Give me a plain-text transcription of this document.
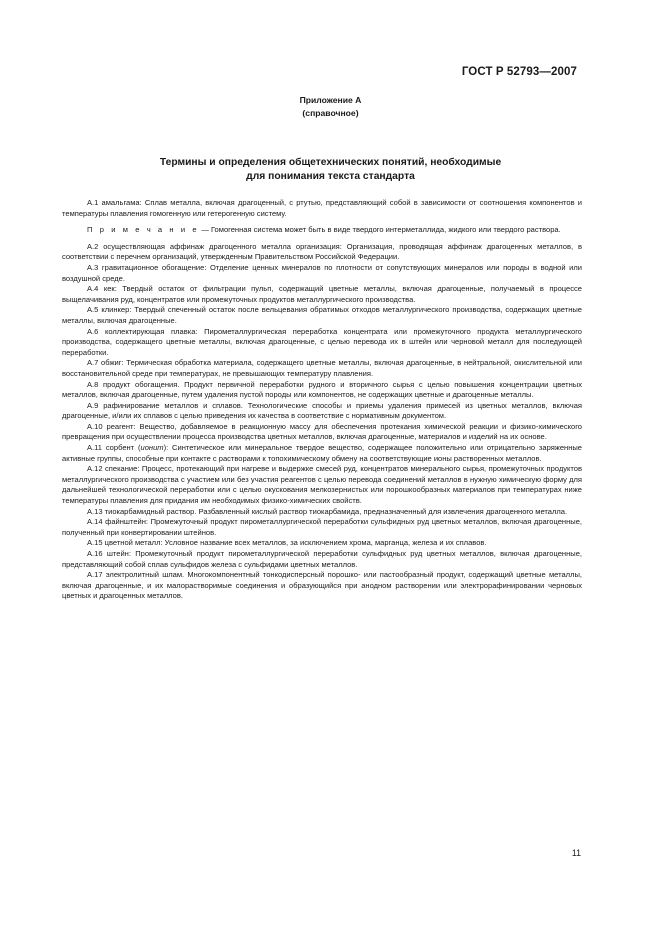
ГОСТ Р 52793—2007
Приложение А
(справочное)
Термины и определения общетехнических понятий, необходимые
для понимания текста стандарта

А.1 амальгама: Сплав металла, включая драгоценный, с ртутью, представляющий собой в зависимости от соотношения компонентов и температуры плавления гомогенную или гетерогенную систему.

П р и м е ч а н и е — Гомогенная система может быть в виде твердого интерметаллида, жидкого или твердого раствора.

А.2 осуществляющая аффинаж драгоценного металла организация: Организация, проводящая аффинаж драгоценных металлов, в соответствии с перечнем организаций, утвержденным Правительством Российской Федерации.

А.3 гравитационное обогащение: Отделение ценных минералов по плотности от сопутствующих минералов или породы в водной или воздушной среде.

А.4 кек: Твердый остаток от фильтрации пульп, содержащий цветные металлы, включая драгоценные, получаемый в процессе выщелачивания руд, концентратов или промежуточных продуктов металлургического производства.

А.5 клинкер: Твердый спеченный остаток после вельцевания обратимых отходов металлургического производства, содержащих цветные металлы, включая драгоценные.

А.6 коллектирующая плавка: Пирометаллургическая переработка концентрата или промежуточного продукта металлургического производства, содержащего цветные металлы, включая драгоценные, с целью перевода их в штейн или черновой металл для последующей переработки.

А.7 обжиг: Термическая обработка материала, содержащего цветные металлы, включая драгоценные, в нейтральной, окислительной или восстановительной среде при температурах, не превышающих температуру плавления.

А.8 продукт обогащения. Продукт первичной переработки рудного и вторичного сырья с целью повышения концентрации цветных металлов, включая драгоценные, путем удаления пустой породы или компонентов, не содержащих цветные и драгоценные металлы.

А.9 рафинирование металлов и сплавов. Технологические способы и приемы удаления примесей из цветных металлов, включая драгоценные, и/или их сплавов с целью приведения их качества в соответствие с нормативным документом.

А.10 реагент: Вещество, добавляемое в реакционную массу для обеспечения протекания химической реакции и физико-химического превращения при осуществлении процесса производства цветных металлов, включая драгоценные, материалов и изделий на их основе.

А.11 сорбент (ионит): Синтетическое или минеральное твердое вещество, содержащее положительно или отрицательно заряженные активные группы, способные при контакте с растворами к топохимическому обмену на соответствующие ионы растворенных металлов.

А.12 спекание: Процесс, протекающий при нагреве и выдержке смесей руд, концентратов минерального сырья, промежуточных продуктов металлургического производства с участием или без участия реагентов с целью перевода соединений металлов в нужную химическую форму для дальнейшей технологической переработки или с целью окускования мелкозернистых или порошкообразных материалов при температурах ниже температуры плавления для придания им необходимых физико-химических свойств.

А.13 тиокарбамидный раствор. Разбавленный кислый раствор тиокарбамида, предназначенный для извлечения драгоценного металла.

А.14 файнштейн: Промежуточный продукт пирометаллургической переработки сульфидных руд цветных металлов, включая драгоценные, полученный при конвертировании штейнов.

А.15 цветной металл: Условное название всех металлов, за исключением хрома, марганца, железа и их сплавов.

А.16 штейн: Промежуточный продукт пирометаллургической переработки сульфидных руд цветных металлов, включая драгоценные, представляющий собой сплав сульфидов железа с сульфидами цветных металлов.

А.17 электролитный шлам. Многокомпонентный тонкодисперсный порошко- или пастообразный продукт, содержащий цветные металлы, включая драгоценные, и их малорастворимые соединения и образующийся при анодном растворении или электрорафинировании черновых цветных и драгоценных металлов.

11
